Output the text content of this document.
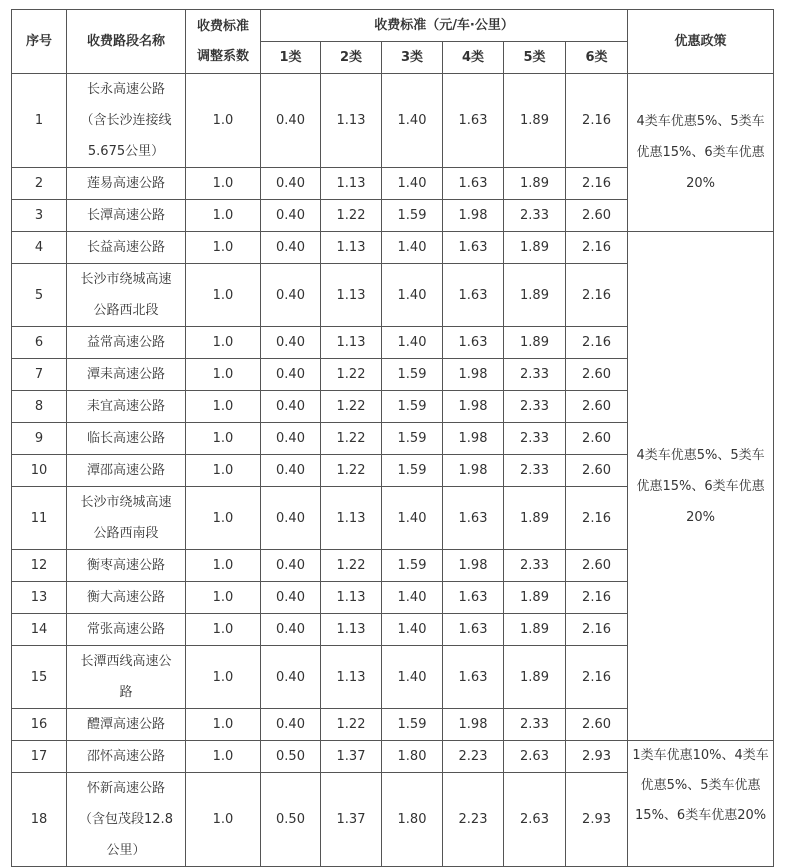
序号	收费路段名称	收费标准调整系数	收费标准（元/车·公里）						优惠政策
			1类	2类	3类	4类	5类	6类	
1	长永高速公路
（含长沙连接线
5.675公里）	1.0	0.40	1.13	1.40	1.63	1.89	2.16	4类车优惠5%、5类车优惠15%、6类车优惠20%
2	莲易高速公路	1.0	0.40	1.13	1.40	1.63	1.89	2.16	
3	长潭高速公路	1.0	0.40	1.22	1.59	1.98	2.33	2.60	
4	长益高速公路	1.0	0.40	1.13	1.40	1.63	1.89	2.16	4类车优惠5%、5类车优惠15%、6类车优惠20%
5	长沙市绕城高速
公路西北段	1.0	0.40	1.13	1.40	1.63	1.89	2.16	
6	益常高速公路	1.0	0.40	1.13	1.40	1.63	1.89	2.16	
7	潭耒高速公路	1.0	0.40	1.22	1.59	1.98	2.33	2.60	
8	耒宜高速公路	1.0	0.40	1.22	1.59	1.98	2.33	2.60	
9	临长高速公路	1.0	0.40	1.22	1.59	1.98	2.33	2.60	
10	潭邵高速公路	1.0	0.40	1.22	1.59	1.98	2.33	2.60	
11	长沙市绕城高速
公路西南段	1.0	0.40	1.13	1.40	1.63	1.89	2.16	
12	衡枣高速公路	1.0	0.40	1.22	1.59	1.98	2.33	2.60	
13	衡大高速公路	1.0	0.40	1.13	1.40	1.63	1.89	2.16	
14	常张高速公路	1.0	0.40	1.13	1.40	1.63	1.89	2.16	
15	长潭西线高速公
路	1.0	0.40	1.13	1.40	1.63	1.89	2.16	
16	醴潭高速公路	1.0	0.40	1.22	1.59	1.98	2.33	2.60	
17	邵怀高速公路	1.0	0.50	1.37	1.80	2.23	2.63	2.93	1类车优惠10%、4类车优惠5%、5类车优惠15%、6类车优惠20%
18	怀新高速公路
（含包茂段12.8
公里）	1.0	0.50	1.37	1.80	2.23	2.63	2.93	
